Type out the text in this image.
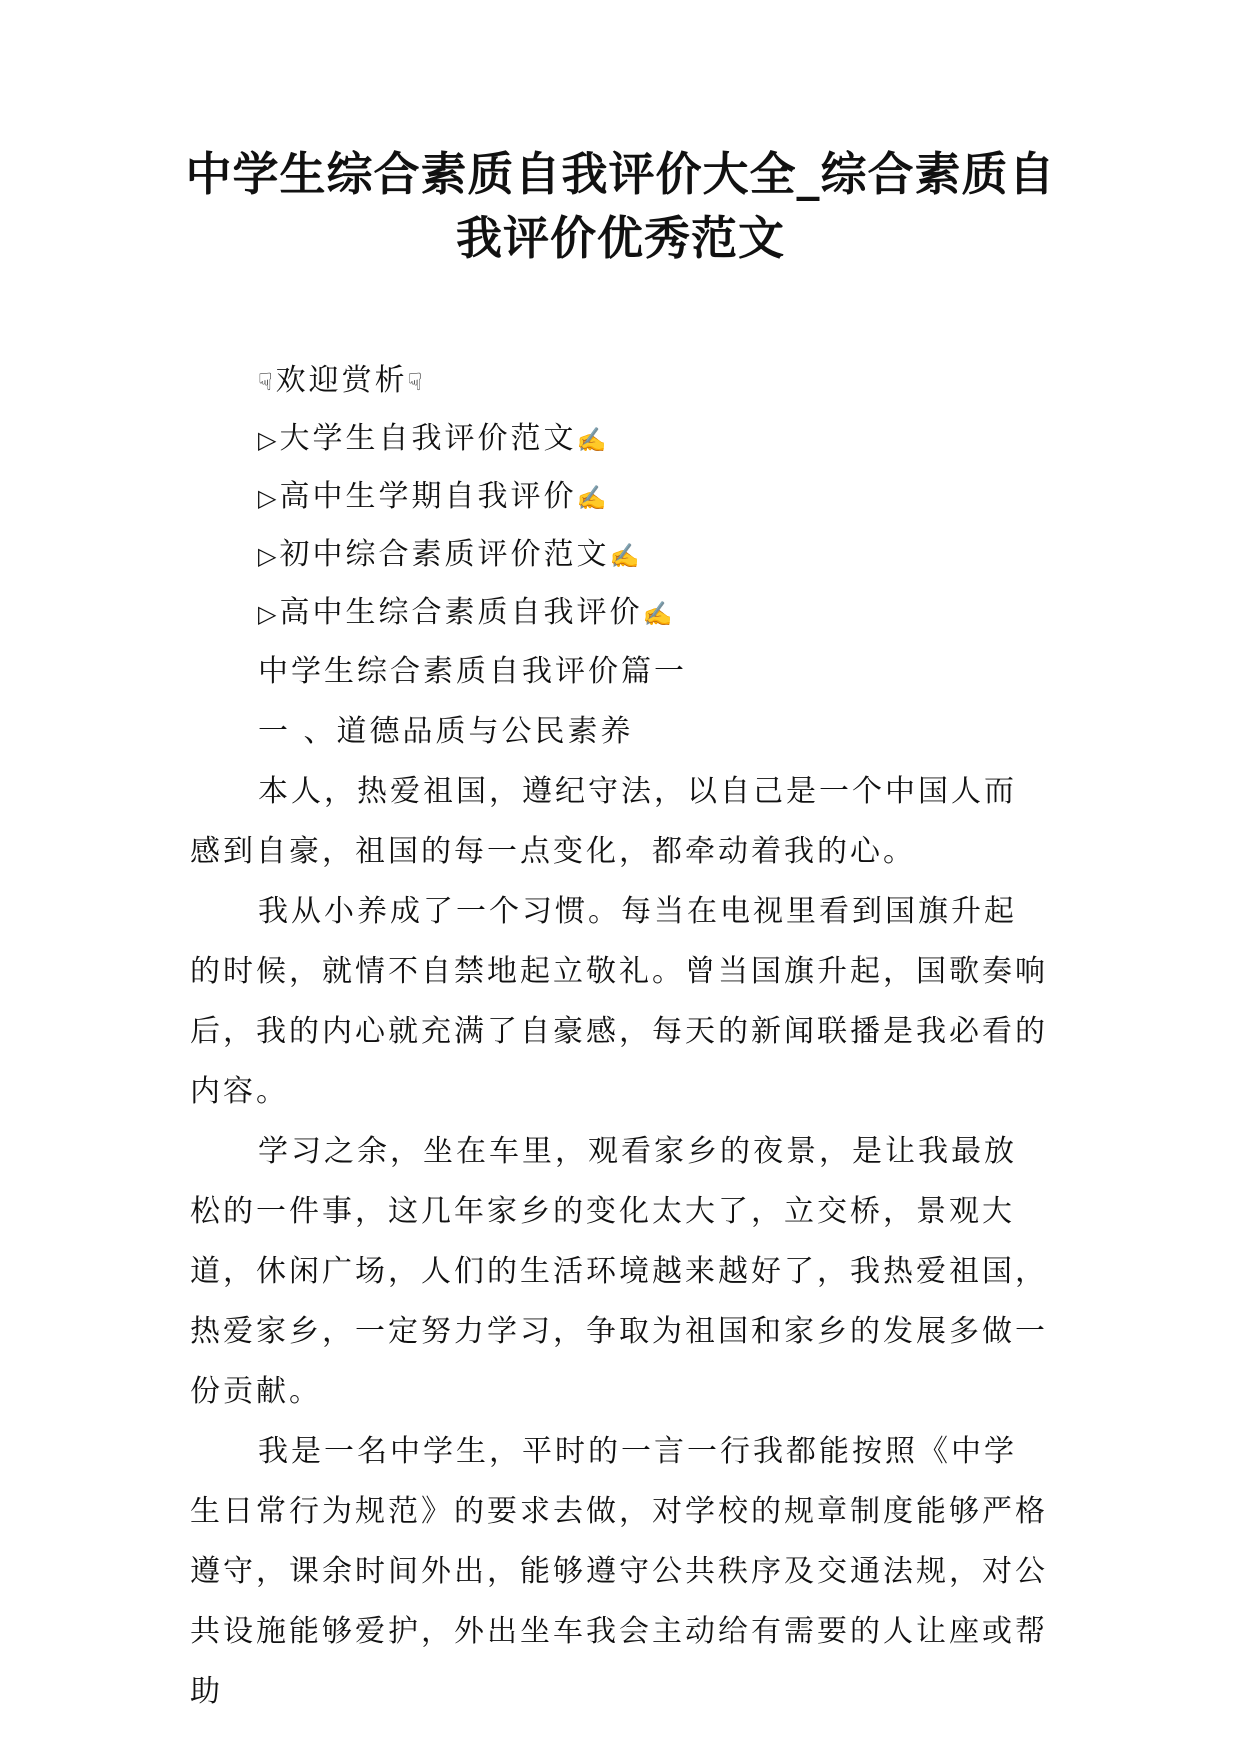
中学生综合素质自我评价大全_综合素质自
我评价优秀范文
☟欢迎赏析☟
▷大学生自我评价范文✍
▷高中生学期自我评价✍
▷初中综合素质评价范文✍
▷高中生综合素质自我评价✍

中学生综合素质自我评价篇一

一 、道德品质与公民素养

本人，热爱祖国，遵纪守法，以自己是一个中国人而感到自豪，祖国的每一点变化，都牵动着我的心。

我从小养成了一个习惯。每当在电视里看到国旗升起的时候，就情不自禁地起立敬礼。曾当国旗升起，国歌奏响后，我的内心就充满了自豪感，每天的新闻联播是我必看的内容。

学习之余，坐在车里，观看家乡的夜景，是让我最放松的一件事，这几年家乡的变化太大了，立交桥，景观大道，休闲广场，人们的生活环境越来越好了，我热爱祖国，热爱家乡，一定努力学习，争取为祖国和家乡的发展多做一份贡献。

我是一名中学生，平时的一言一行我都能按照《中学生日常行为规范》的要求去做，对学校的规章制度能够严格遵守，课余时间外出，能够遵守公共秩序及交通法规，对公共设施能够爱护，外出坐车我会主动给有需要的人让座或帮助
